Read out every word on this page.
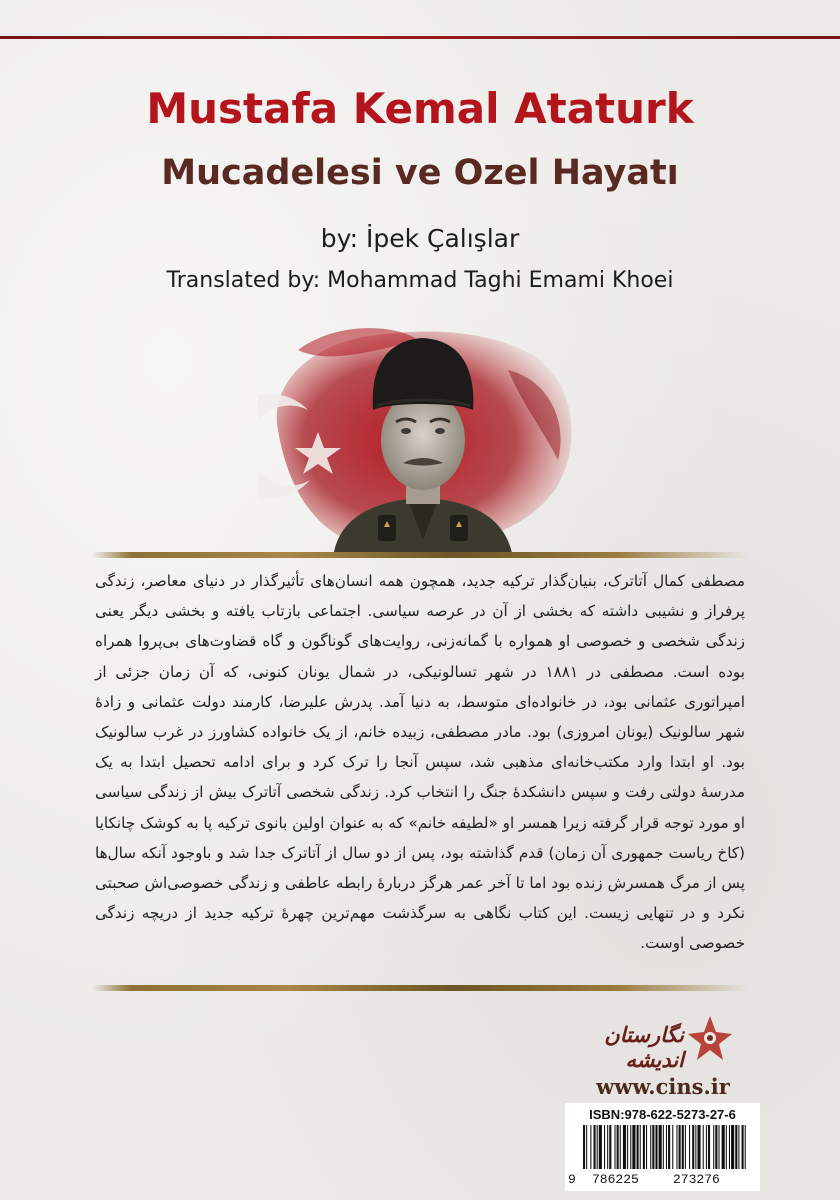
Mustafa Kemal Ataturk
Mucadelesi ve Ozel Hayatı
by: İpek Çalışlar
Translated by: Mohammad Taghi Emami Khoei
مصطفی کمال آتاترک، بنیان‌گذار ترکیه جدید، همچون همه انسان‌های تأثیرگذار در دنیای معاصر، زندگی پرفراز و نشیبی داشته که بخشی از آن در عرصه سیاسی. اجتماعی بازتاب یافته و بخشی دیگر یعنی زندگی شخصی و خصوصی او همواره با گمانه‌زنی، روایت‌های گوناگون و گاه قضاوت‌های بی‌پروا همراه بوده است. مصطفی در ۱۸۸۱ در شهر تسالونیکی، در شمال یونان کنونی، که آن زمان جزئی از امپراتوری عثمانی بود، در خانواده‌ای متوسط، به دنیا آمد. پدرش علیرضا، کارمند دولت عثمانی و زادهٔ شهر سالونیک (یونان امروزی) بود. مادر مصطفی، زبیده خانم، از یک خانواده کشاورز در غرب سالونیک بود. او ابتدا وارد مکتب‌خانه‌ای مذهبی شد، سپس آنجا را ترک کرد و برای ادامه تحصیل ابتدا به یک مدرسهٔ دولتی رفت و سپس دانشکدهٔ جنگ را انتخاب کرد. زندگی شخصی آتاترک بیش از زندگی سیاسی او مورد توجه قرار گرفته زیرا همسر او «لطیفه خانم» که به عنوان اولین بانوی ترکیه پا به کوشک چانکایا (کاخ ریاست جمهوری آن زمان) قدم گذاشته بود، پس از دو سال از آتاترک جدا شد و باوجود آنکه سال‌ها پس از مرگ همسرش زنده بود اما تا آخر عمر هرگز دربارهٔ رابطه عاطفی و زندگی خصوصی‌اش صحبتی نکرد و در تنهایی زیست. این کتاب نگاهی به سرگذشت مهم‌ترین چهرهٔ ترکیه جدید از دریچه زندگی خصوصی اوست.
نگارستان اندیشه
www.cins.ir
ISBN:978-622-5273-27-6
9 786225	273276
